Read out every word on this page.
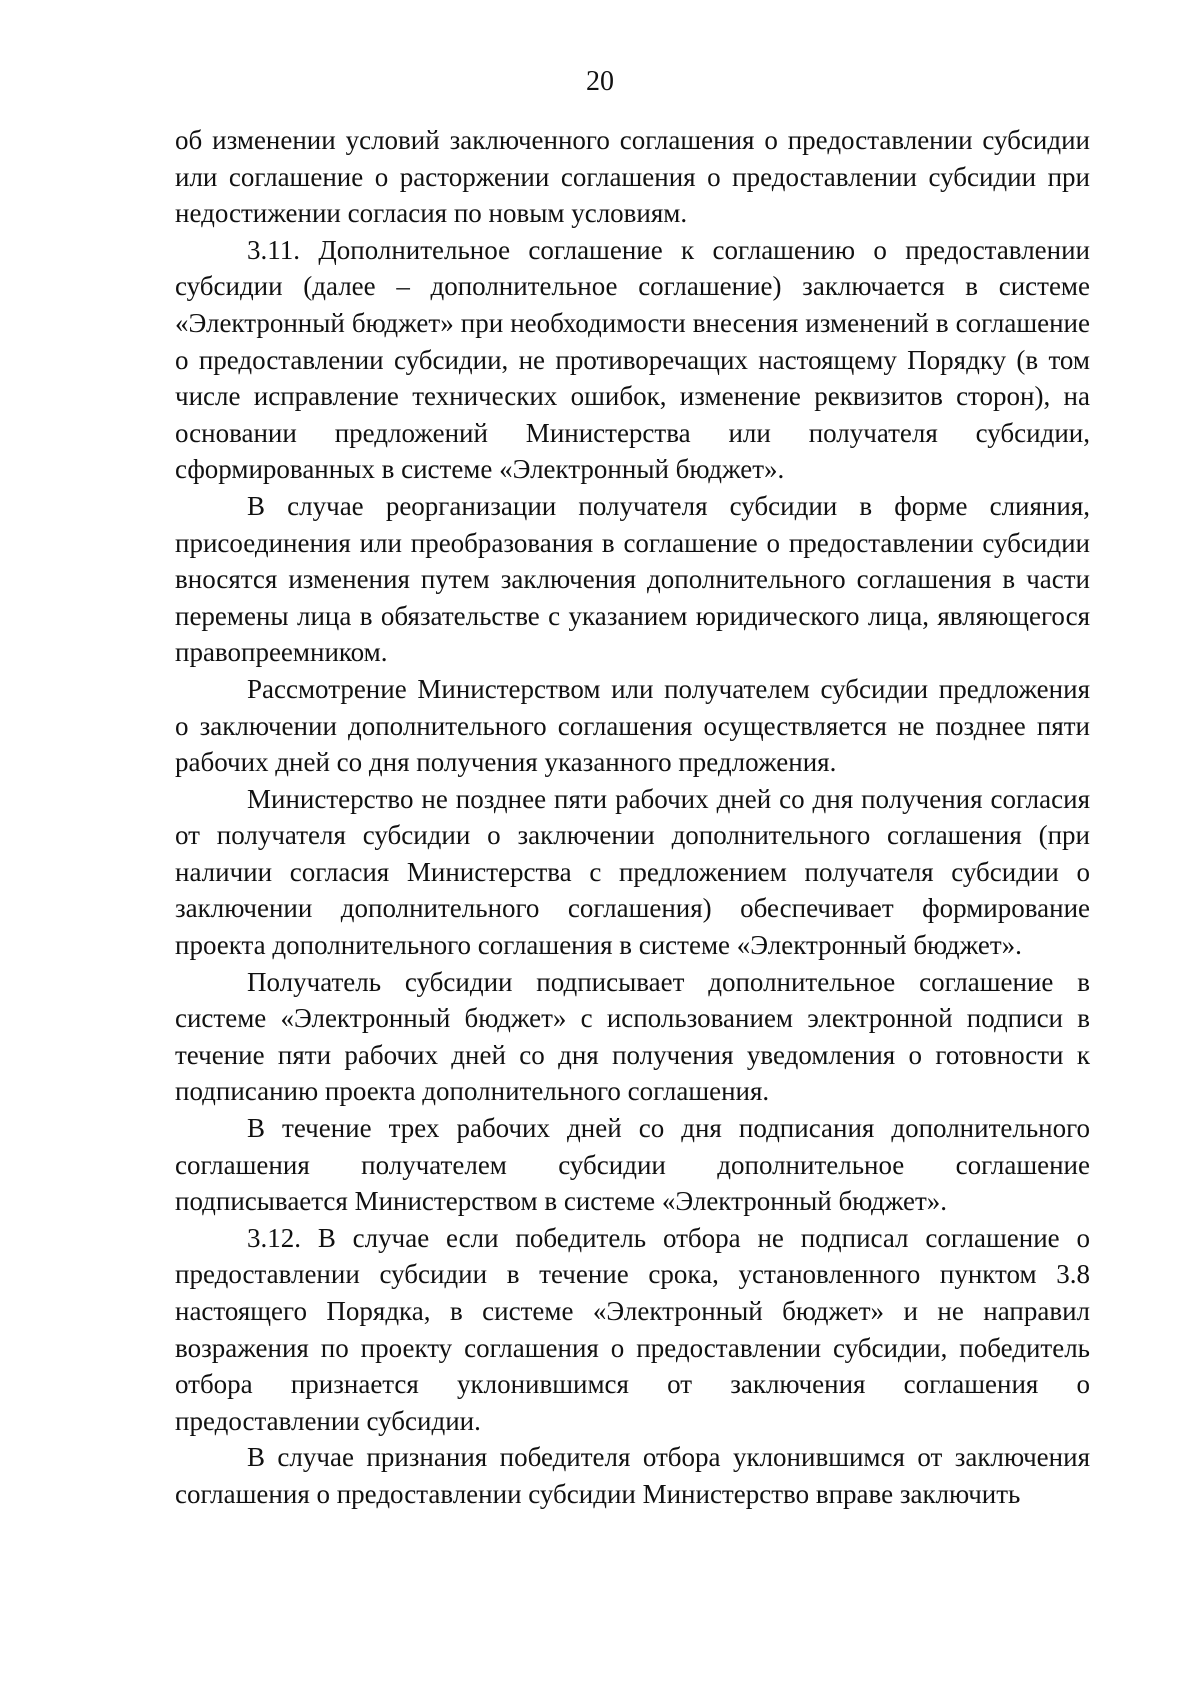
20

об изменении условий заключенного соглашения о предоставлении субсидии или соглашение о расторжении соглашения о предоставлении субсидии при недостижении согласия по новым условиям.

3.11. Дополнительное соглашение к соглашению о предоставлении субсидии (далее – дополнительное соглашение) заключается в системе «Электронный бюджет» при необходимости внесения изменений в соглашение о предоставлении субсидии, не противоречащих настоящему Порядку (в том числе исправление технических ошибок, изменение реквизитов сторон), на основании предложений Министерства или получателя субсидии, сформированных в системе «Электронный бюджет».

В случае реорганизации получателя субсидии в форме слияния, присоединения или преобразования в соглашение о предоставлении субсидии вносятся изменения путем заключения дополнительного соглашения в части перемены лица в обязательстве с указанием юридического лица, являющегося правопреемником.

Рассмотрение Министерством или получателем субсидии предложения о заключении дополнительного соглашения осуществляется не позднее пяти рабочих дней со дня получения указанного предложения.

Министерство не позднее пяти рабочих дней со дня получения согласия от получателя субсидии о заключении дополнительного соглашения (при наличии согласия Министерства с предложением получателя субсидии о заключении дополнительного соглашения) обеспечивает формирование проекта дополнительного соглашения в системе «Электронный бюджет».

Получатель субсидии подписывает дополнительное соглашение в системе «Электронный бюджет» с использованием электронной подписи в течение пяти рабочих дней со дня получения уведомления о готовности к подписанию проекта дополнительного соглашения.

В течение трех рабочих дней со дня подписания дополнительного соглашения получателем субсидии дополнительное соглашение подписывается Министерством в системе «Электронный бюджет».

3.12. В случае если победитель отбора не подписал соглашение о предоставлении субсидии в течение срока, установленного пунктом 3.8 настоящего Порядка, в системе «Электронный бюджет» и не направил возражения по проекту соглашения о предоставлении субсидии, победитель отбора признается уклонившимся от заключения соглашения о предоставлении субсидии.

В случае признания победителя отбора уклонившимся от заключения соглашения о предоставлении субсидии Министерство вправе заключить
